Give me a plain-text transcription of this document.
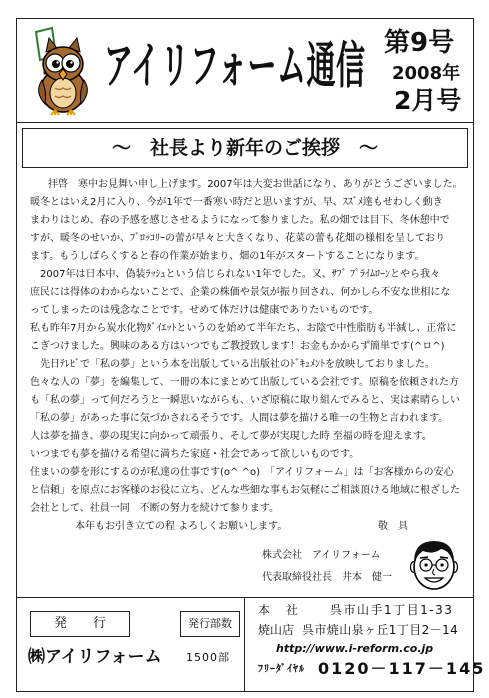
アイリフォーム通信 第9号
2008年
2月号
～　社長より新年のご挨拶　～
拝啓　寒中お見舞い申し上げます。2007年は大変お世話になり、ありがとうございました。
暖冬とはいえ2月に入り、今が1年で一番寒い時だと思いますが、早、ｽｽﾞﾒ達もせわしく動き
まわりはじめ、春の予感を感じさせるようになって参りました。私の畑では目下、冬休憩中で
すが、暖冬のせいか、ﾌﾞﾛｯｺﾘｰの蕾が早々と大きくなり、花菜の蕾も花畑の様相を呈しており
ます。もうしばらくすると春の作業が始まり、畑の1年がスタートすることになります。
2007年は日本中、偽装ﾗｯｼｭという信じられない1年でした。又、ｻﾌﾞ ﾌﾟﾗｲﾑﾛｰﾝとやら我々
庶民には得体のわからないことで、企業の株価や景気が振り回され、何かしら不安な世相にな
ってしまったのは残念なことです。せめて体だけは健康でありたいものです。
私も昨年7月から炭水化物ﾀﾞｲｴｯﾄというのを始めて半年たち、お陰で中性脂肪も半減し、正常に
こぎつけました。興味のある方はいつでもご教授致します！お金もかからず簡単です(^ロ^)
先日ﾃﾚﾋﾞで「私の夢」という本を出版している出版社のﾄﾞｷｭﾒﾝﾄを放映しておりました。
色々な人の「夢」を編集して、一冊の本にまとめて出版している会社です。原稿を依頼された方
も「私の夢」って何だろうと一瞬思いながらも、いざ原稿に取り組んでみると、実は素晴らしい
「私の夢」があった事に気づかされるそうです。人間は夢を描ける唯一の生物と言われます。
人は夢を描き、夢の現実に向かって頑張り、そして夢が実現した時 至福の時を迎えます。
いつまでも夢を描ける希望に満ちた家庭・社会であって欲しいものです。
住まいの夢を形にするのが私達の仕事です(o^ ^o)　「アイリフォーム」は「お客様からの安心
と信頼」を原点にお客様のお役に立ち、どんな些細な事もお気軽にご相談頂ける地域に根ざした
会社として、社員一同　不断の努力を続けて参ります。
本年もお引き立ての程 よろしくお願いします。	敬　具
株式会社　アイリフォーム
代表取締役社長　井本　健一
発　　行	発行部数
㈱アイリフォーム 1500部
本　社 呉市山手1丁目1-33
焼山店 呉市焼山泉ヶ丘1丁目2－14
http://www.i-reform.co.jp
ﾌﾘｰﾀﾞｲﾔﾙ 0120－117－145
